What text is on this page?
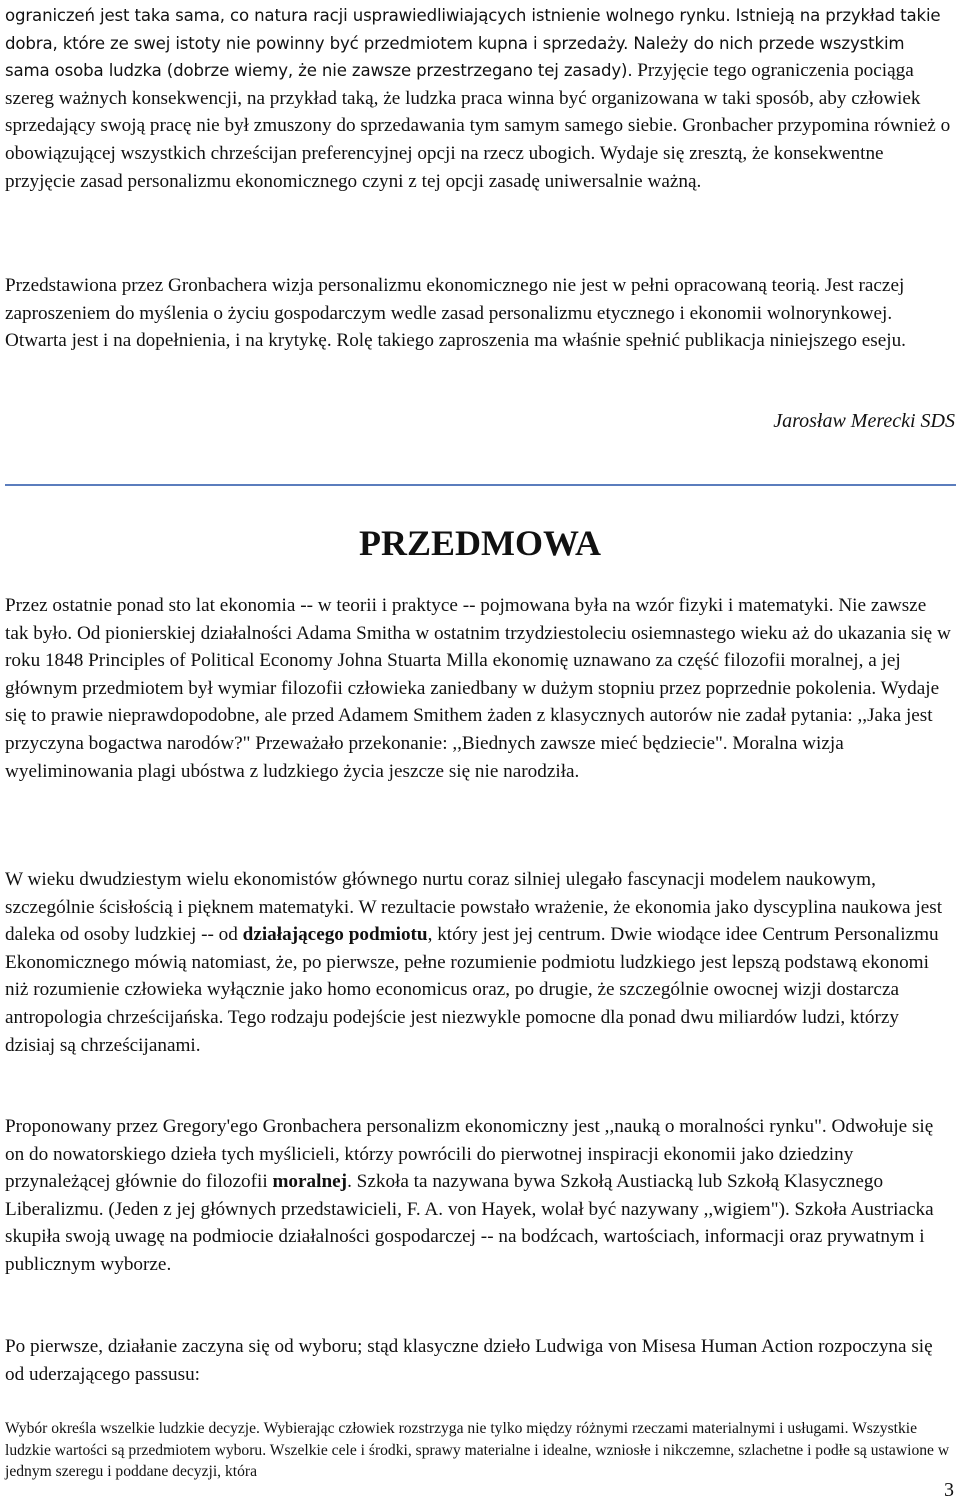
ograniczeń jest taka sama, co natura racji usprawiedliwiających istnienie wolnego rynku. Istnieją na przykład takie dobra, które ze swej istoty nie powinny być przedmiotem kupna i sprzedaży. Należy do nich przede wszystkim sama osoba ludzka (dobrze wiemy, że nie zawsze przestrzegano tej zasady). Przyjęcie tego ograniczenia pociąga szereg ważnych konsekwencji, na przykład taką, że ludzka praca winna być organizowana w taki sposób, aby człowiek sprzedający swoją pracę nie był zmuszony do sprzedawania tym samym samego siebie. Gronbacher przypomina również o obowiązującej wszystkich chrześcijan preferencyjnej opcji na rzecz ubogich. Wydaje się zresztą, że konsekwentne przyjęcie zasad personalizmu ekonomicznego czyni z tej opcji zasadę uniwersalnie ważną.

Przedstawiona przez Gronbachera wizja personalizmu ekonomicznego nie jest w pełni opracowaną teorią. Jest raczej zaproszeniem do myślenia o życiu gospodarczym wedle zasad personalizmu etycznego i ekonomii wolnorynkowej. Otwarta jest i na dopełnienia, i na krytykę. Rolę takiego zaproszenia ma właśnie spełnić publikacja niniejszego eseju.

Jarosław Merecki SDS

PRZEDMOWA

Przez ostatnie ponad sto lat ekonomia -- w teorii i praktyce -- pojmowana była na wzór fizyki i matematyki. Nie zawsze tak było. Od pionierskiej działalności Adama Smitha w ostatnim trzydziestoleciu osiemnastego wieku aż do ukazania się w roku 1848 Principles of Political Economy Johna Stuarta Milla ekonomię uznawano za część filozofii moralnej, a jej głównym przedmiotem był wymiar filozofii człowieka zaniedbany w dużym stopniu przez poprzednie pokolenia. Wydaje się to prawie nieprawdopodobne, ale przed Adamem Smithem żaden z klasycznych autorów nie zadał pytania: ,,Jaka jest przyczyna bogactwa narodów?" Przeważało przekonanie: ,,Biednych zawsze mieć będziecie". Moralna wizja wyeliminowania plagi ubóstwa z ludzkiego życia jeszcze się nie narodziła.

W wieku dwudziestym wielu ekonomistów głównego nurtu coraz silniej ulegało fascynacji modelem naukowym, szczególnie ścisłością i pięknem matematyki. W rezultacie powstało wrażenie, że ekonomia jako dyscyplina naukowa jest daleka od osoby ludzkiej -- od działającego podmiotu, który jest jej centrum. Dwie wiodące idee Centrum Personalizmu Ekonomicznego mówią natomiast, że, po pierwsze, pełne rozumienie podmiotu ludzkiego jest lepszą podstawą ekonomi niż rozumienie człowieka wyłącznie jako homo economicus oraz, po drugie, że szczególnie owocnej wizji dostarcza antropologia chrześcijańska. Tego rodzaju podejście jest niezwykle pomocne dla ponad dwu miliardów ludzi, którzy dzisiaj są chrześcijanami.

Proponowany przez Gregory'ego Gronbachera personalizm ekonomiczny jest ,,nauką o moralności rynku". Odwołuje się on do nowatorskiego dzieła tych myślicieli, którzy powrócili do pierwotnej inspiracji ekonomii jako dziedziny przynależącej głównie do filozofii moralnej. Szkoła ta nazywana bywa Szkołą Austiacką lub Szkołą Klasycznego Liberalizmu. (Jeden z jej głównych przedstawicieli, F. A. von Hayek, wolał być nazywany ,,wigiem"). Szkoła Austriacka skupiła swoją uwagę na podmiocie działalności gospodarczej -- na bodźcach, wartościach, informacji oraz prywatnym i publicznym wyborze.

Po pierwsze, działanie zaczyna się od wyboru; stąd klasyczne dzieło Ludwiga von Misesa Human Action rozpoczyna się od uderzającego passusu:

Wybór określa wszelkie ludzkie decyzje. Wybierając człowiek rozstrzyga nie tylko między różnymi rzeczami materialnymi i usługami. Wszystkie ludzkie wartości są przedmiotem wyboru. Wszelkie cele i środki, sprawy materialne i idealne, wzniosłe i nikczemne, szlachetne i podłe są ustawione w jednym szeregu i poddane decyzji, która

3
